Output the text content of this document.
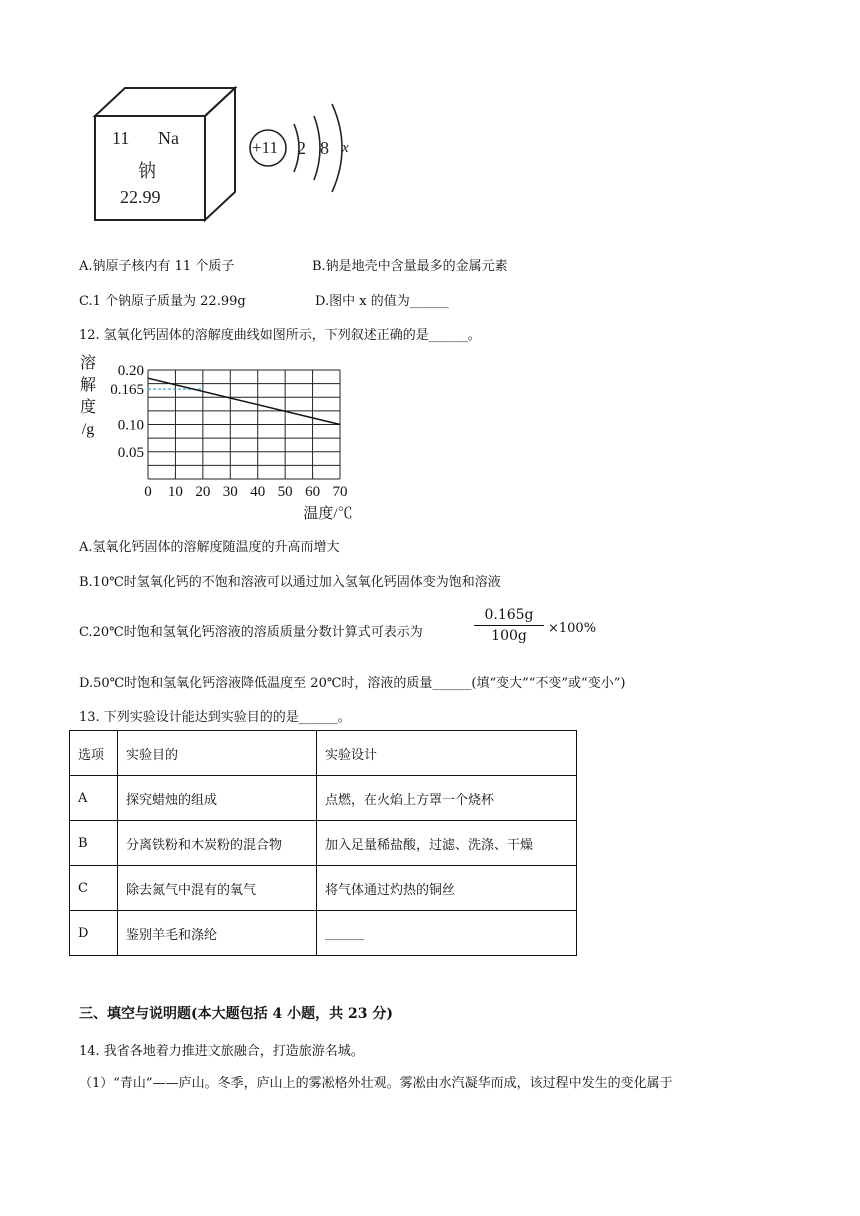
11 Na
钠
22.99
+11 2 8 x
A.钠原子核内有 11 个质子	B.钠是地壳中含量最多的金属元素
C.1 个钠原子质量为 22.99g	D.图中 x 的值为______
12. 氢氧化钙固体的溶解度曲线如图所示，下列叙述正确的是______。
溶
解
度
/g
0.05
0.10
0.165
0.20
0 10 20 30 40 50 60 70
温度/℃
A.氢氧化钙固体的溶解度随温度的升高而增大
B.10℃时氢氧化钙的不饱和溶液可以通过加入氢氧化钙固体变为饱和溶液
C.20℃时饱和氢氧化钙溶液的溶质质量分数计算式可表示为	$\frac{0.165g}{100g} \times 100\%$
D.50℃时饱和氢氧化钙溶液降低温度至 20℃时，溶液的质量______(填“变大”“不变”或“变小”)
13. 下列实验设计能达到实验目的的是______。
选项	实验目的	实验设计
A	探究蜡烛的组成	点燃，在火焰上方罩一个烧杯
B	分离铁粉和木炭粉的混合物	加入足量稀盐酸，过滤、洗涤、干燥
C	除去氮气中混有的氧气	将气体通过灼热的铜丝
D	鉴别羊毛和涤纶	______
三、填空与说明题(本大题包括 4 小题，共 23 分)
14. 我省各地着力推进文旅融合，打造旅游名城。
（1）“青山”——庐山。冬季，庐山上的雾凇格外壮观。雾凇由水汽凝华而成，该过程中发生的变化属于
